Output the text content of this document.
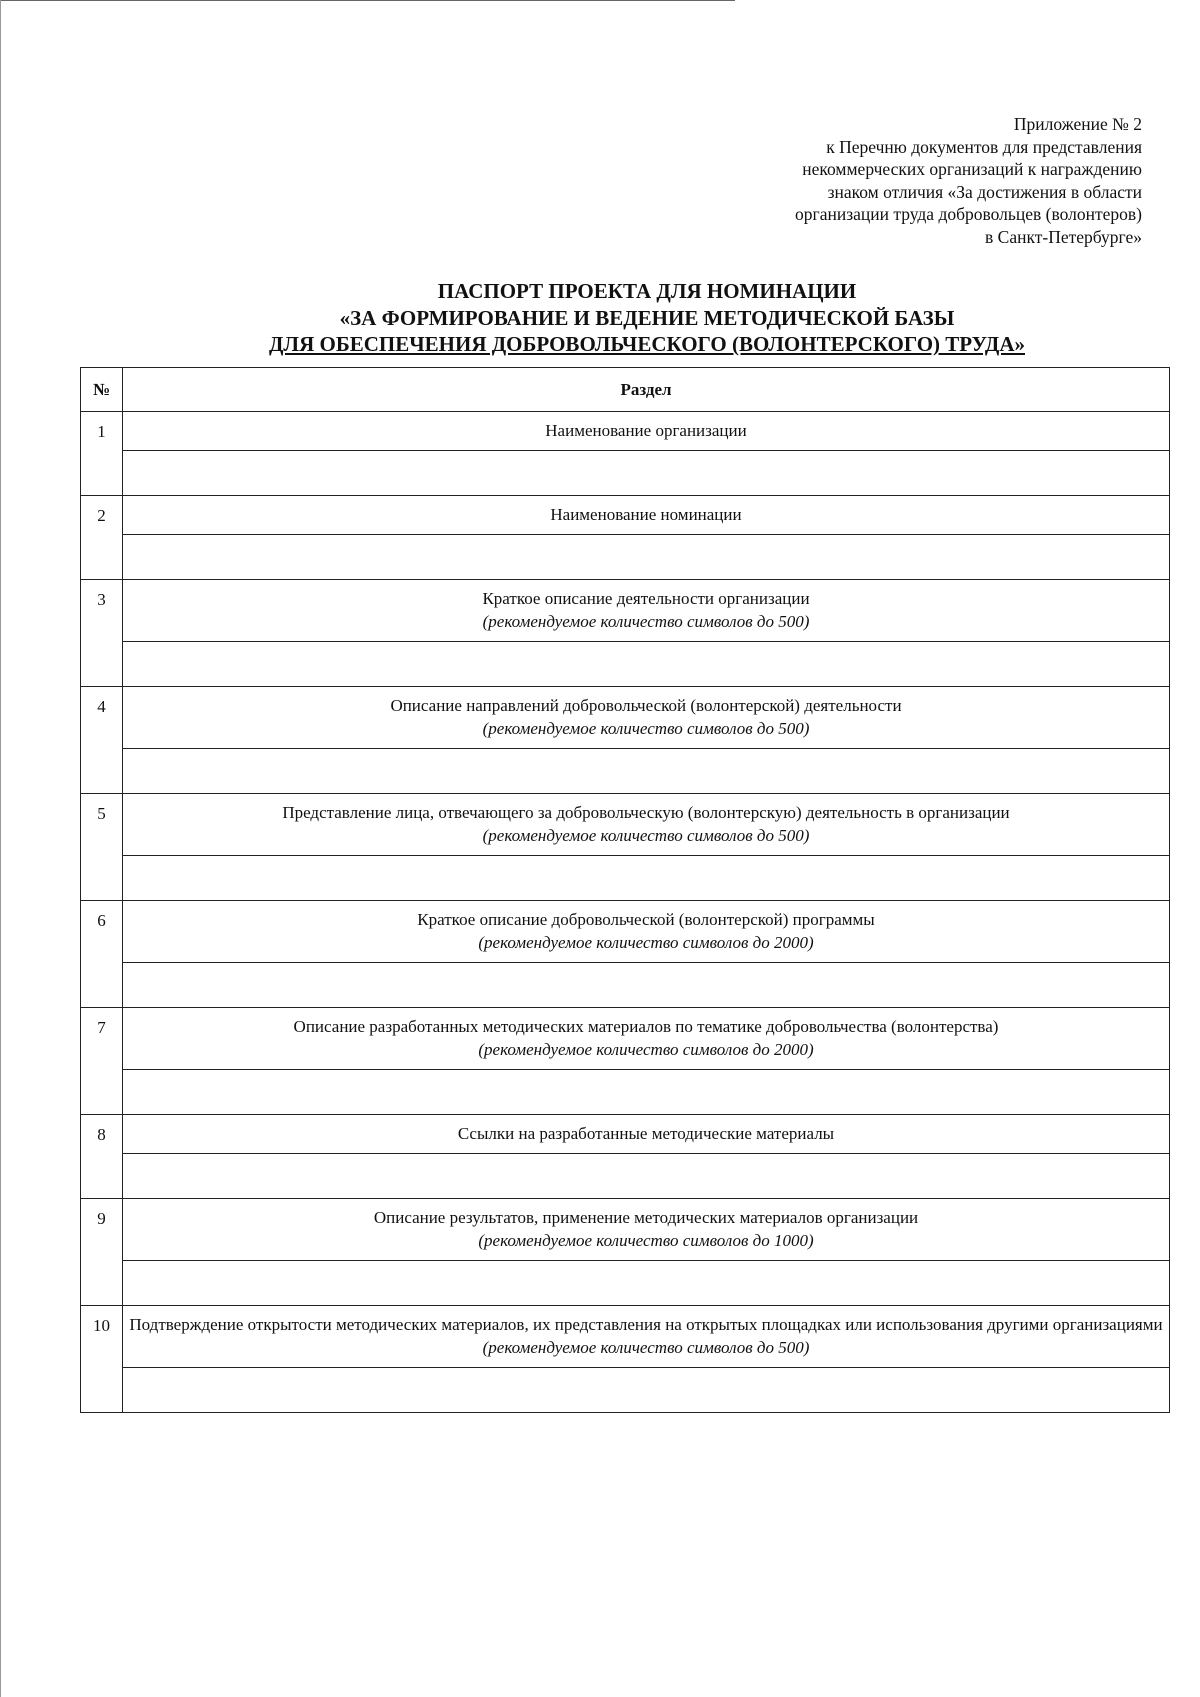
Приложение № 2
к Перечню документов для представления
некоммерческих организаций к награждению
знаком отличия «За достижения в области
организации труда добровольцев (волонтеров)
в Санкт-Петербурге»
ПАСПОРТ ПРОЕКТА ДЛЯ НОМИНАЦИИ
«ЗА ФОРМИРОВАНИЕ И ВЕДЕНИЕ МЕТОДИЧЕСКОЙ БАЗЫ
ДЛЯ ОБЕСПЕЧЕНИЯ ДОБРОВОЛЬЧЕСКОГО (ВОЛОНТЕРСКОГО) ТРУДА»
№	Раздел
1	Наименование организации

2	Наименование номинации

3	Краткое описание деятельности организации
(рекомендуемое количество символов до 500)

4	Описание направлений добровольческой (волонтерской) деятельности
(рекомендуемое количество символов до 500)

5	Представление лица, отвечающего за добровольческую (волонтерскую) деятельность в организации
(рекомендуемое количество символов до 500)

6	Краткое описание добровольческой (волонтерской) программы
(рекомендуемое количество символов до 2000)

7	Описание разработанных методических материалов по тематике добровольчества (волонтерства)
(рекомендуемое количество символов до 2000)

8	Ссылки на разработанные методические материалы

9	Описание результатов, применение методических материалов организации
(рекомендуемое количество символов до 1000)

10	Подтверждение открытости методических материалов, их представления на открытых площадках или использования другими организациями
(рекомендуемое количество символов до 500)
